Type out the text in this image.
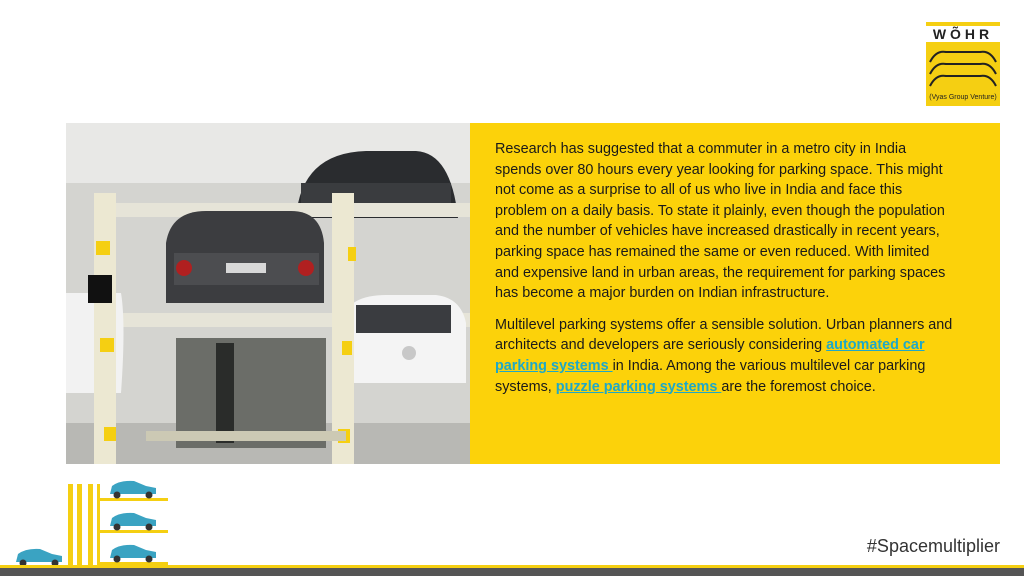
WÕHR
(Vyas Group Venture)

Research has suggested that a commuter in a metro city in India spends over 80 hours every year looking for parking space. This might not come as a surprise to all of us who live in India and face this problem on a daily basis. To state it plainly, even though the population and the number of vehicles have increased drastically in recent years, parking space has remained the same or even reduced. With limited and expensive land in urban areas, the requirement for parking spaces has become a major burden on Indian infrastructure.

Multilevel parking systems offer a sensible solution. Urban planners and architects and developers are seriously considering automated car parking systems in India. Among the various multilevel car parking systems, puzzle parking systems are the foremost choice.

#Spacemultiplier
